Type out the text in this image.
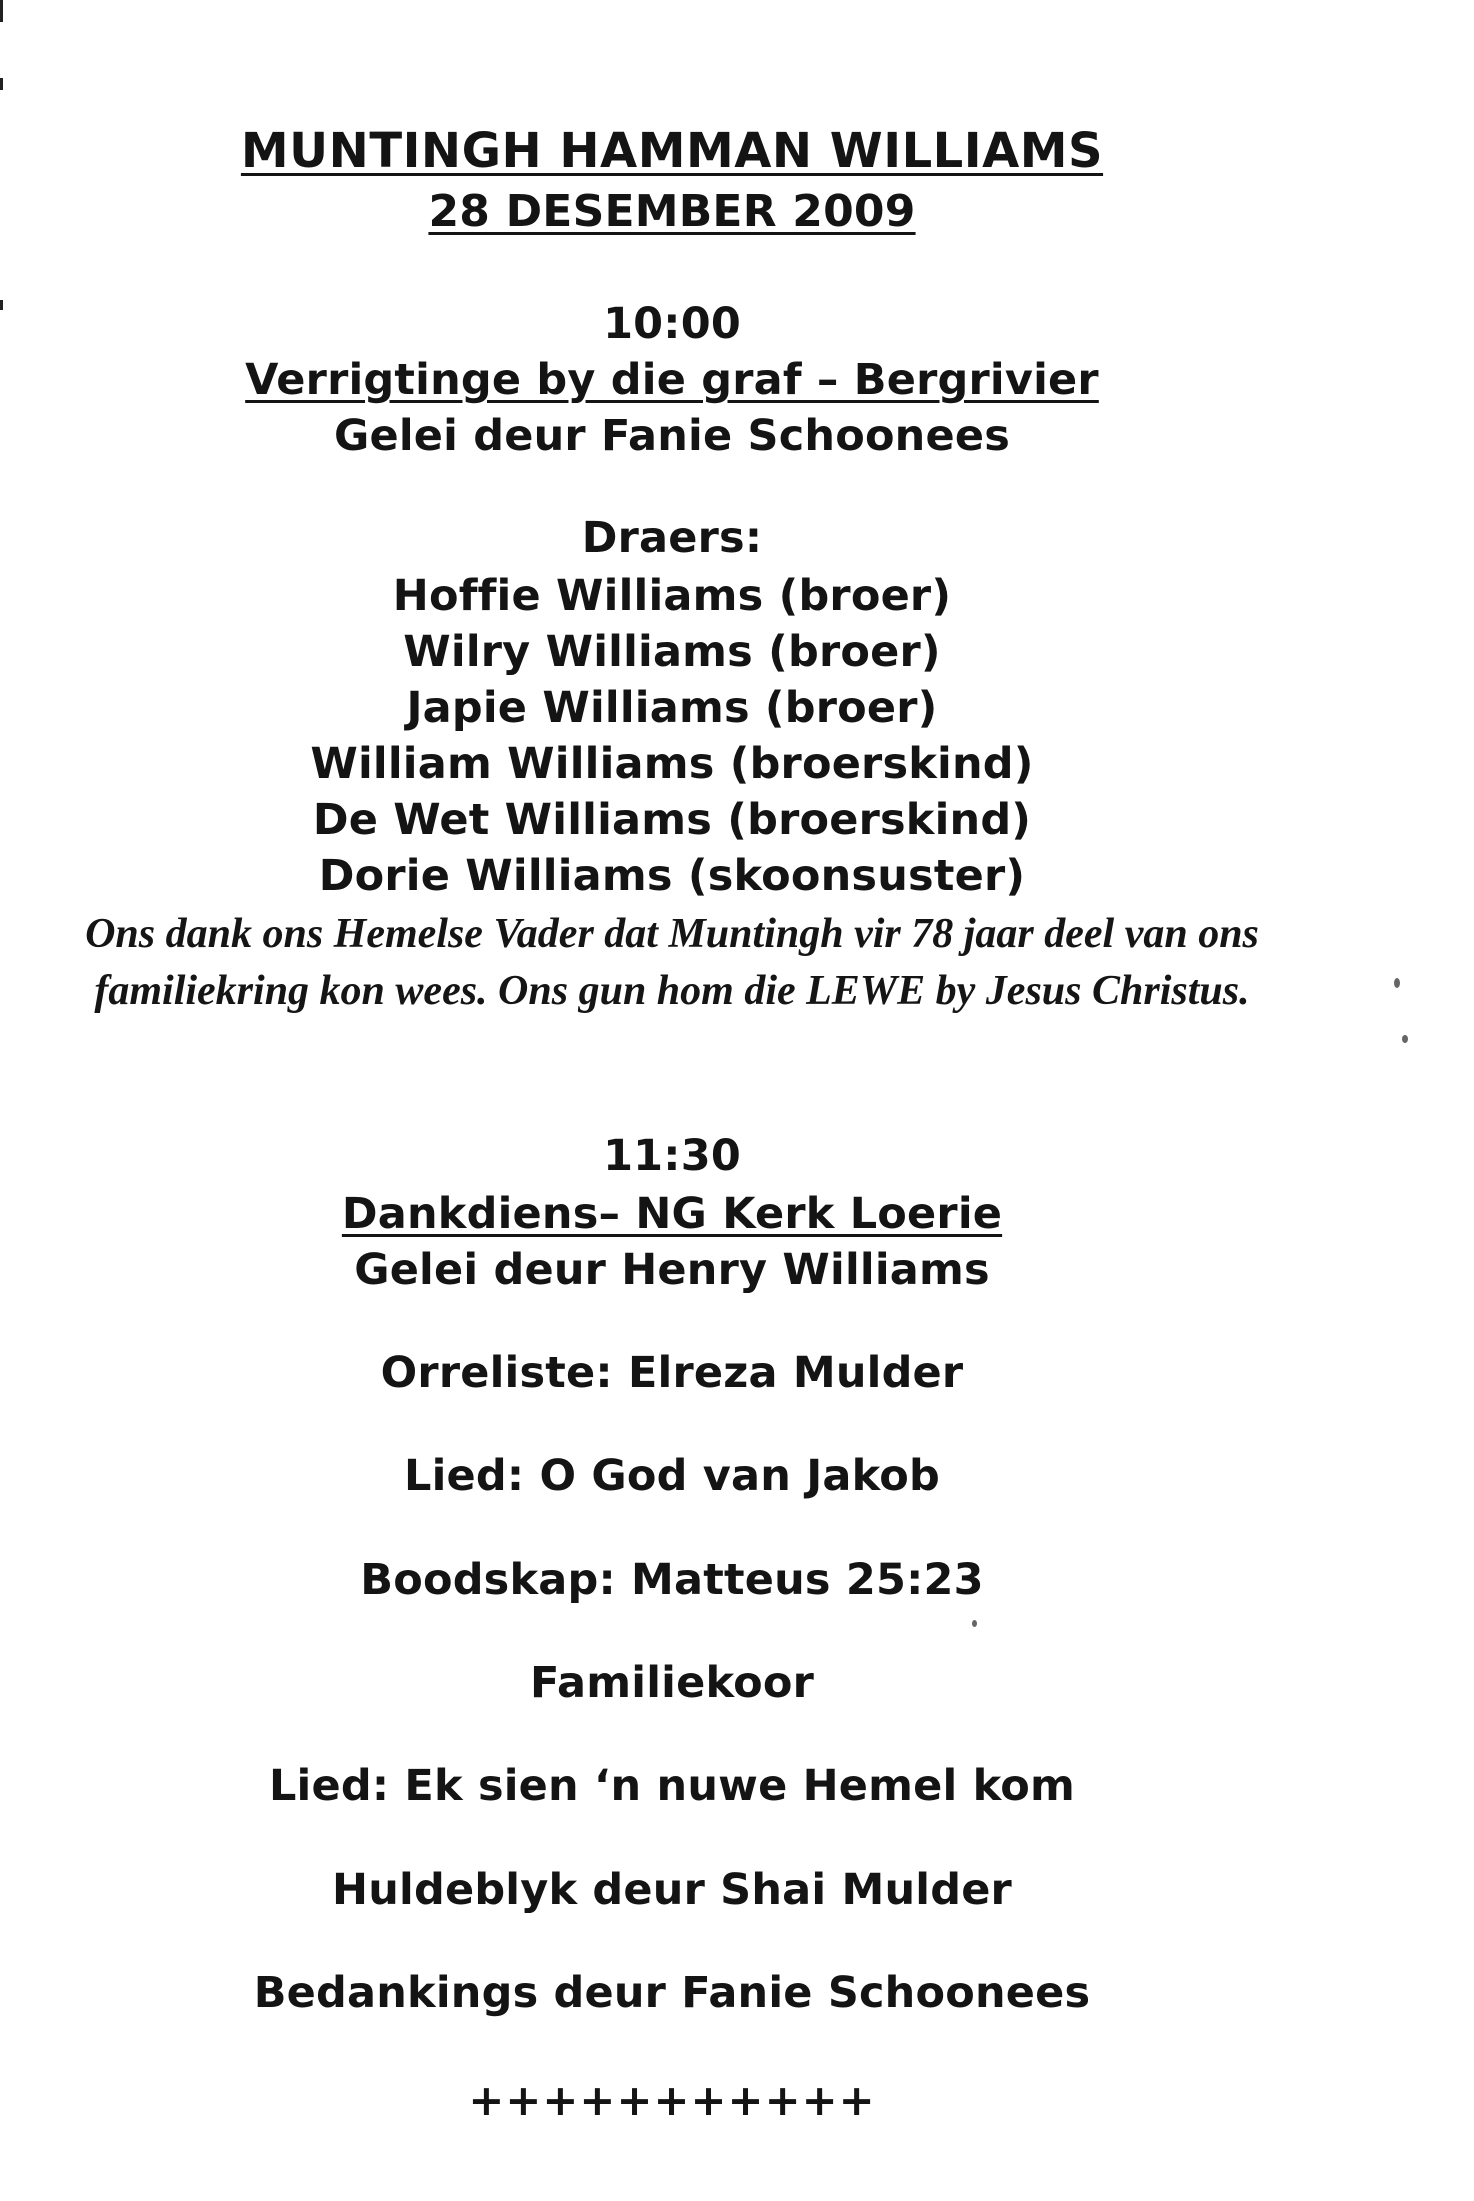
MUNTINGH HAMMAN WILLIAMS
28 DESEMBER 2009
10:00
Verrigtinge by die graf – Bergrivier
Gelei deur Fanie Schoonees
Draers:
Hoffie Williams (broer)
Wilry Williams (broer)
Japie Williams (broer)
William Williams (broerskind)
De Wet Williams (broerskind)
Dorie Williams (skoonsuster)
Ons dank ons Hemelse Vader dat Muntingh vir 78 jaar deel van ons familiekring kon wees. Ons gun hom die LEWE by Jesus Christus.
11:30
Dankdiens– NG Kerk Loerie
Gelei deur Henry Williams
Orreliste: Elreza Mulder
Lied: O God van Jakob
Boodskap: Matteus 25:23
Familiekoor
Lied: Ek sien ‘n nuwe Hemel kom
Huldeblyk deur Shai Mulder
Bedankings deur Fanie Schoonees
+++++++++++
